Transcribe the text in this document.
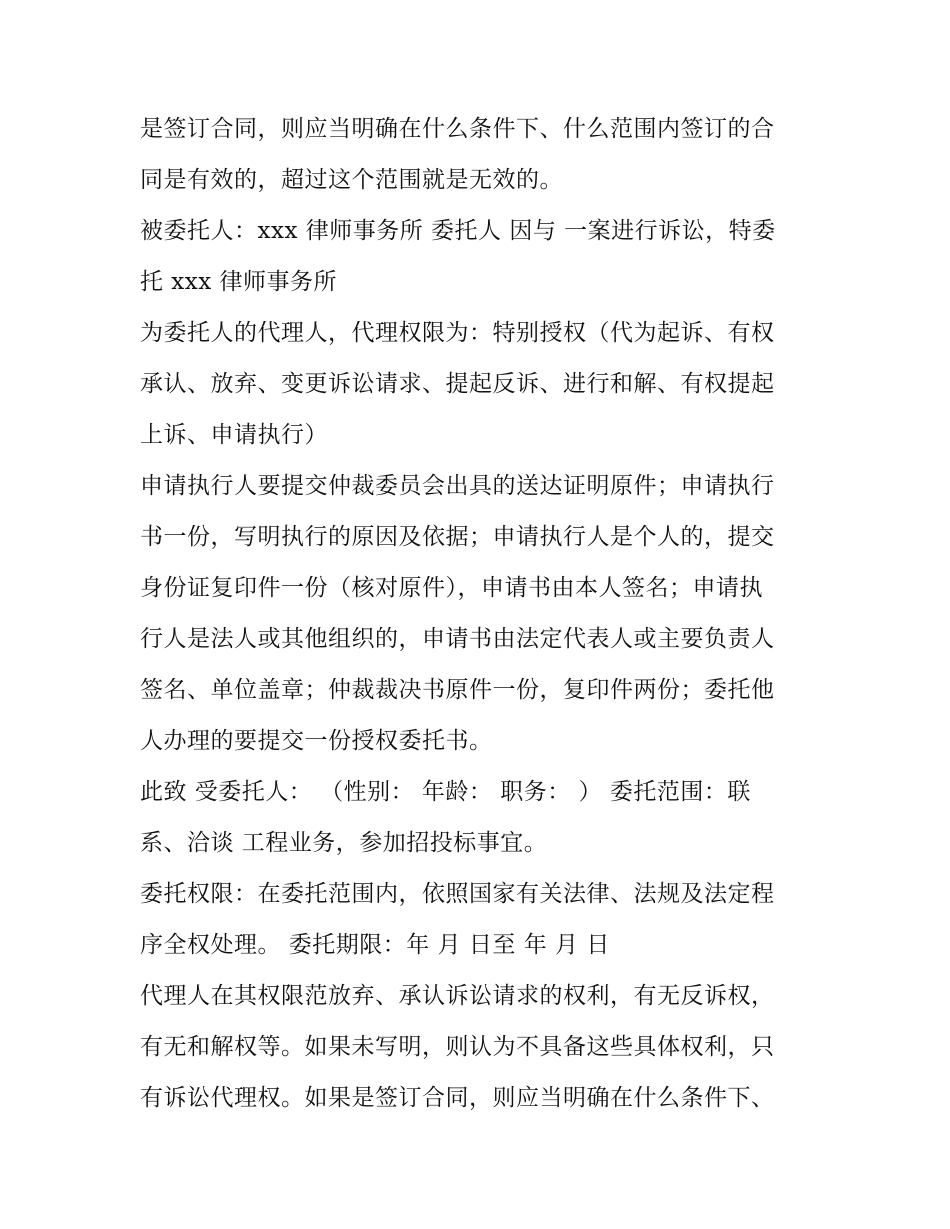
是签订合同，则应当明确在什么条件下、什么范围内签订的合
同是有效的，超过这个范围就是无效的。
被委托人：xxx 律师事务所 委托人 因与 一案进行诉讼，特委
托 xxx 律师事务所
为委托人的代理人，代理权限为：特别授权（代为起诉、有权
承认、放弃、变更诉讼请求、提起反诉、进行和解、有权提起
上诉、申请执行）
申请执行人要提交仲裁委员会出具的送达证明原件；申请执行
书一份，写明执行的原因及依据；申请执行人是个人的，提交
身份证复印件一份（核对原件），申请书由本人签名；申请执
行人是法人或其他组织的，申请书由法定代表人或主要负责人
签名、单位盖章；仲裁裁决书原件一份，复印件两份；委托他
人办理的要提交一份授权委托书。
此致 受委托人： （性别： 年龄： 职务： ） 委托范围：联
系、洽谈 工程业务，参加招投标事宜。
委托权限：在委托范围内，依照国家有关法律、法规及法定程
序全权处理。 委托期限：年 月 日至 年 月 日
代理人在其权限范放弃、承认诉讼请求的权利，有无反诉权，
有无和解权等。如果未写明，则认为不具备这些具体权利，只
有诉讼代理权。如果是签订合同，则应当明确在什么条件下、
